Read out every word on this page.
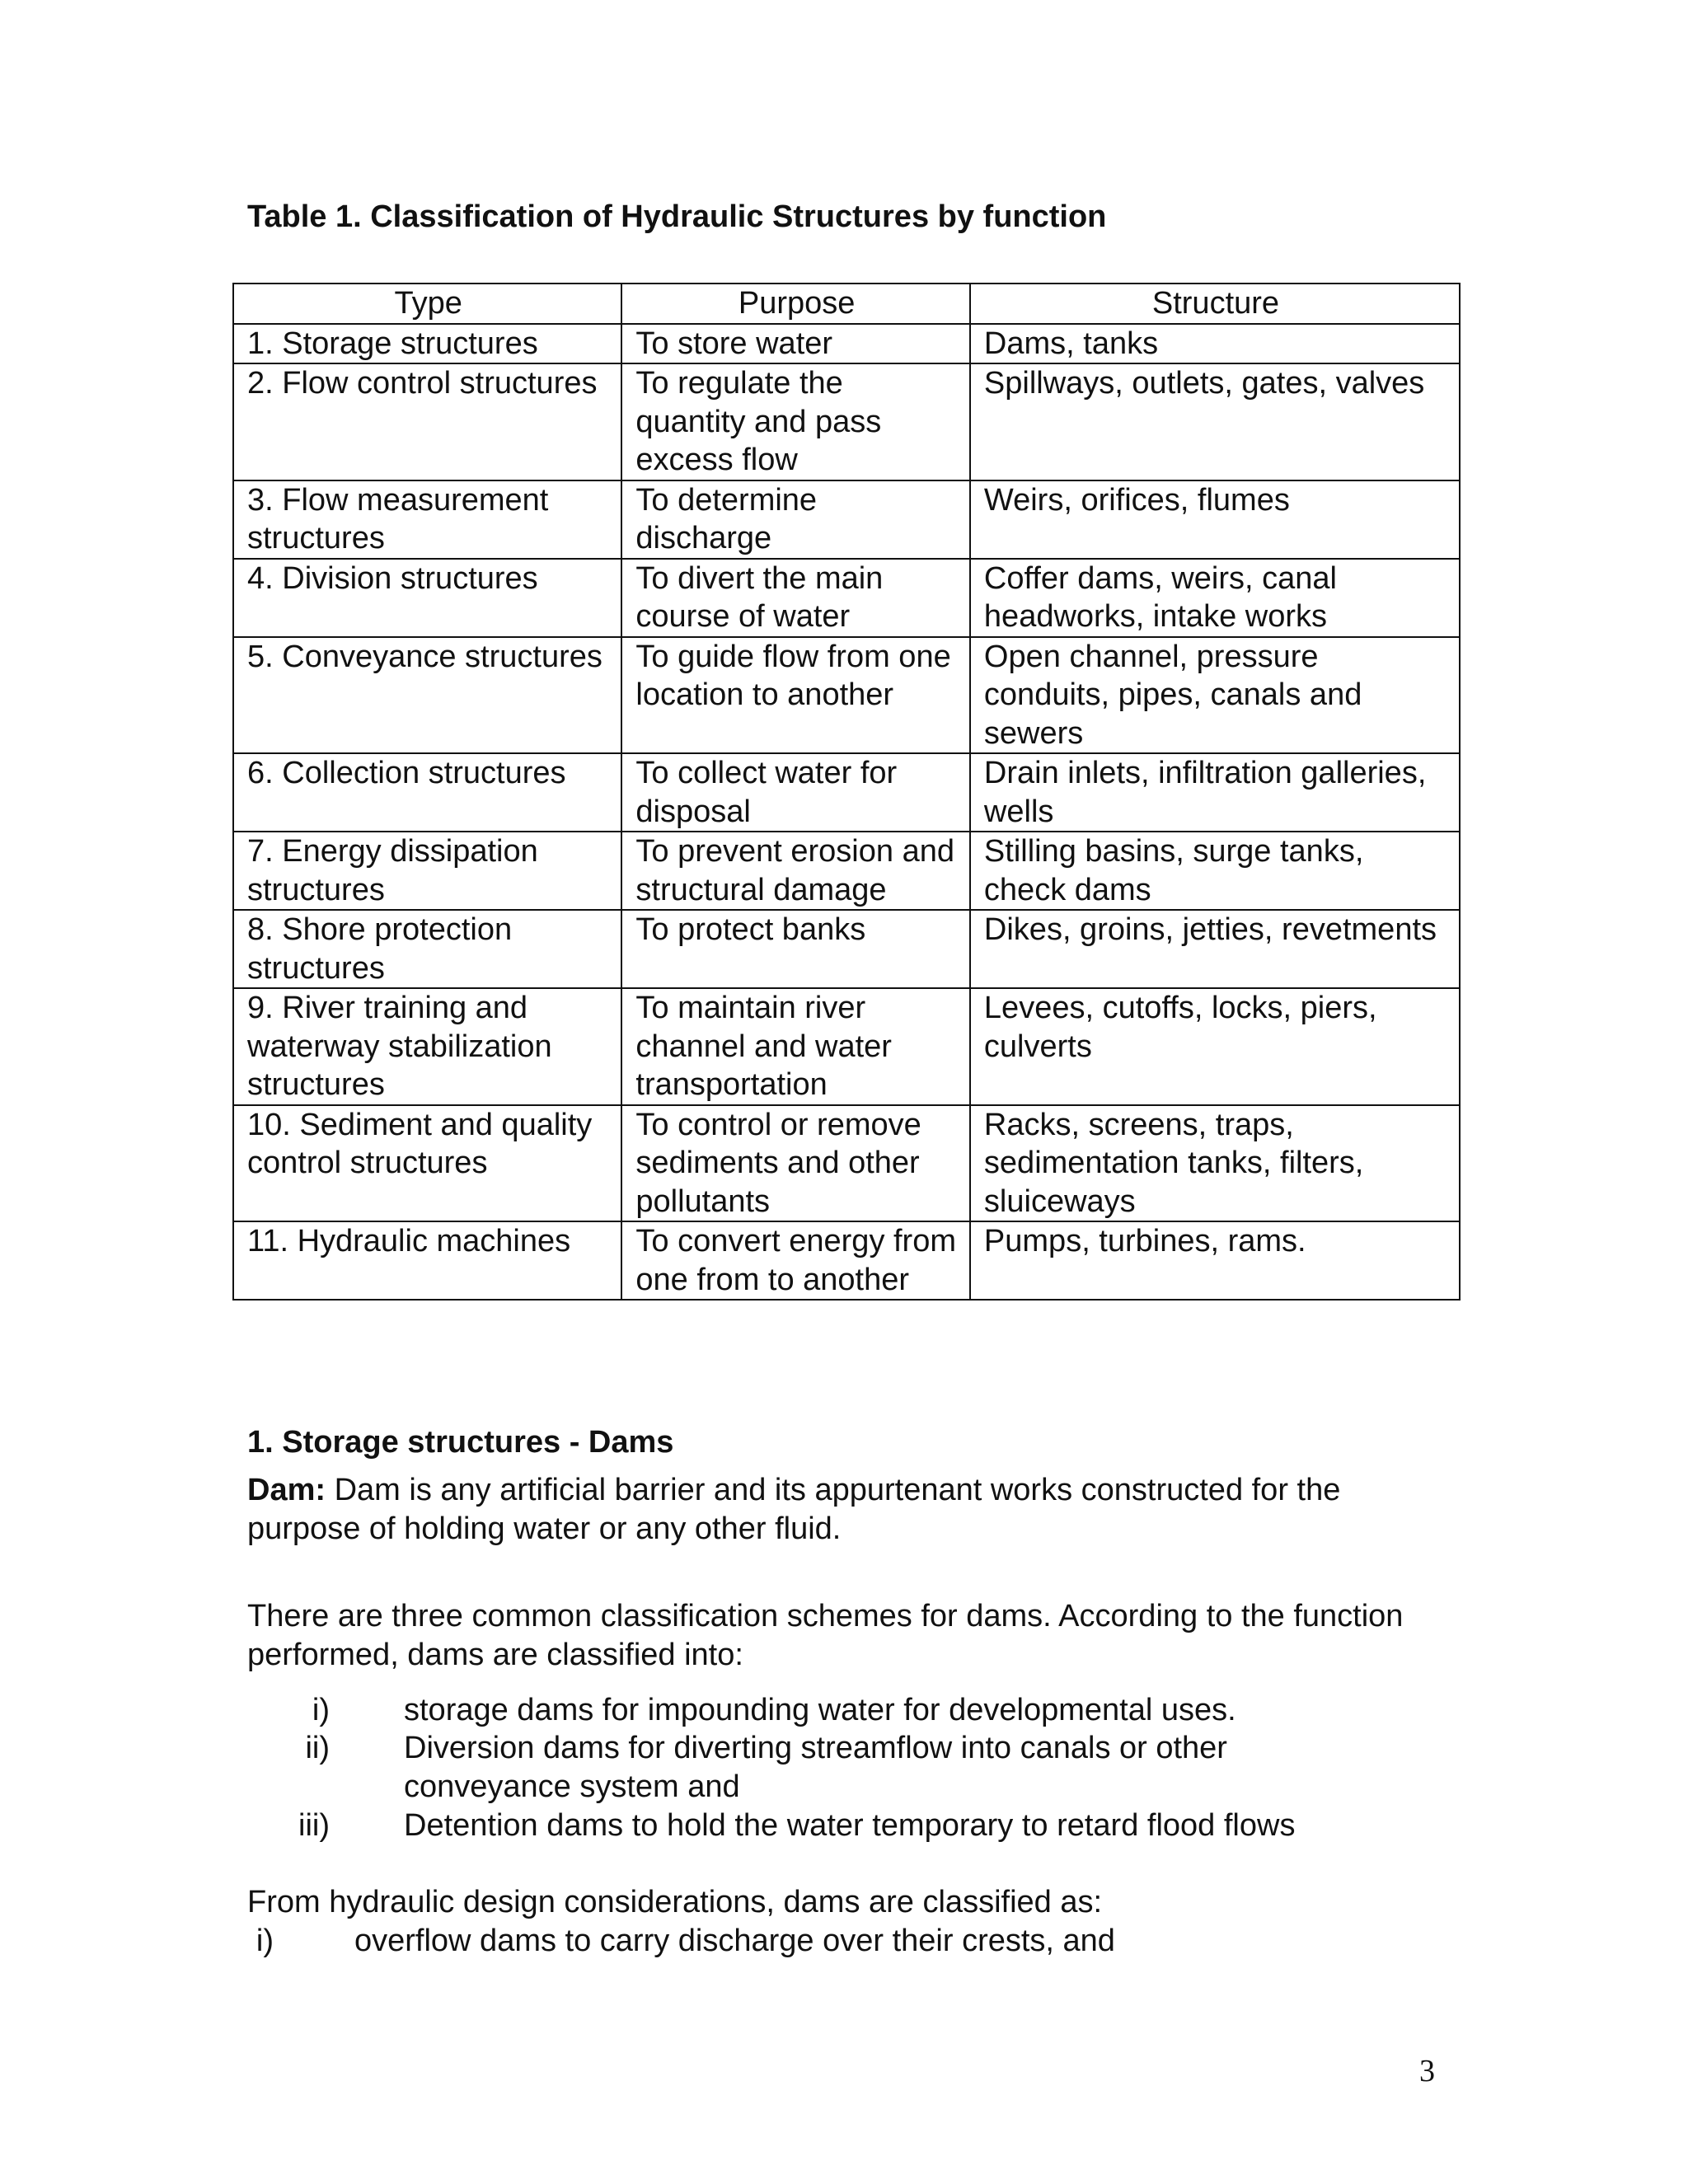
Table 1. Classification of Hydraulic Structures by function

Type	Purpose	Structure
1. Storage structures	To store water	Dams, tanks
2. Flow control structures	To regulate the quantity and pass excess flow	Spillways, outlets, gates, valves
3. Flow measurement structures	To determine discharge	Weirs, orifices, flumes
4. Division structures	To divert the main course of water	Coffer dams, weirs, canal headworks, intake works
5. Conveyance structures	To guide flow from one location to another	Open channel, pressure conduits, pipes, canals and sewers
6. Collection structures	To collect water for disposal	Drain inlets, infiltration galleries, wells
7. Energy dissipation structures	To prevent erosion and structural damage	Stilling basins, surge tanks, check dams
8. Shore protection structures	To protect banks	Dikes, groins, jetties, revetments
9. River training and waterway stabilization structures	To maintain river channel and water transportation	Levees, cutoffs, locks, piers, culverts
10. Sediment and quality control structures	To control or remove sediments and other pollutants	Racks, screens, traps, sedimentation tanks, filters, sluiceways
11. Hydraulic machines	To convert energy from one from to another	Pumps, turbines, rams.

1. Storage structures - Dams

Dam: Dam is any artificial barrier and its appurtenant works constructed for the purpose of holding water or any other fluid.

There are three common classification schemes for dams. According to the function performed, dams are classified into:

i) storage dams for impounding water for developmental uses.
ii) Diversion dams for diverting streamflow into canals or other conveyance system and
iii) Detention dams to hold the water temporary to retard flood flows

From hydraulic design considerations, dams are classified as:

i)	overflow dams to carry discharge over their crests, and
3
